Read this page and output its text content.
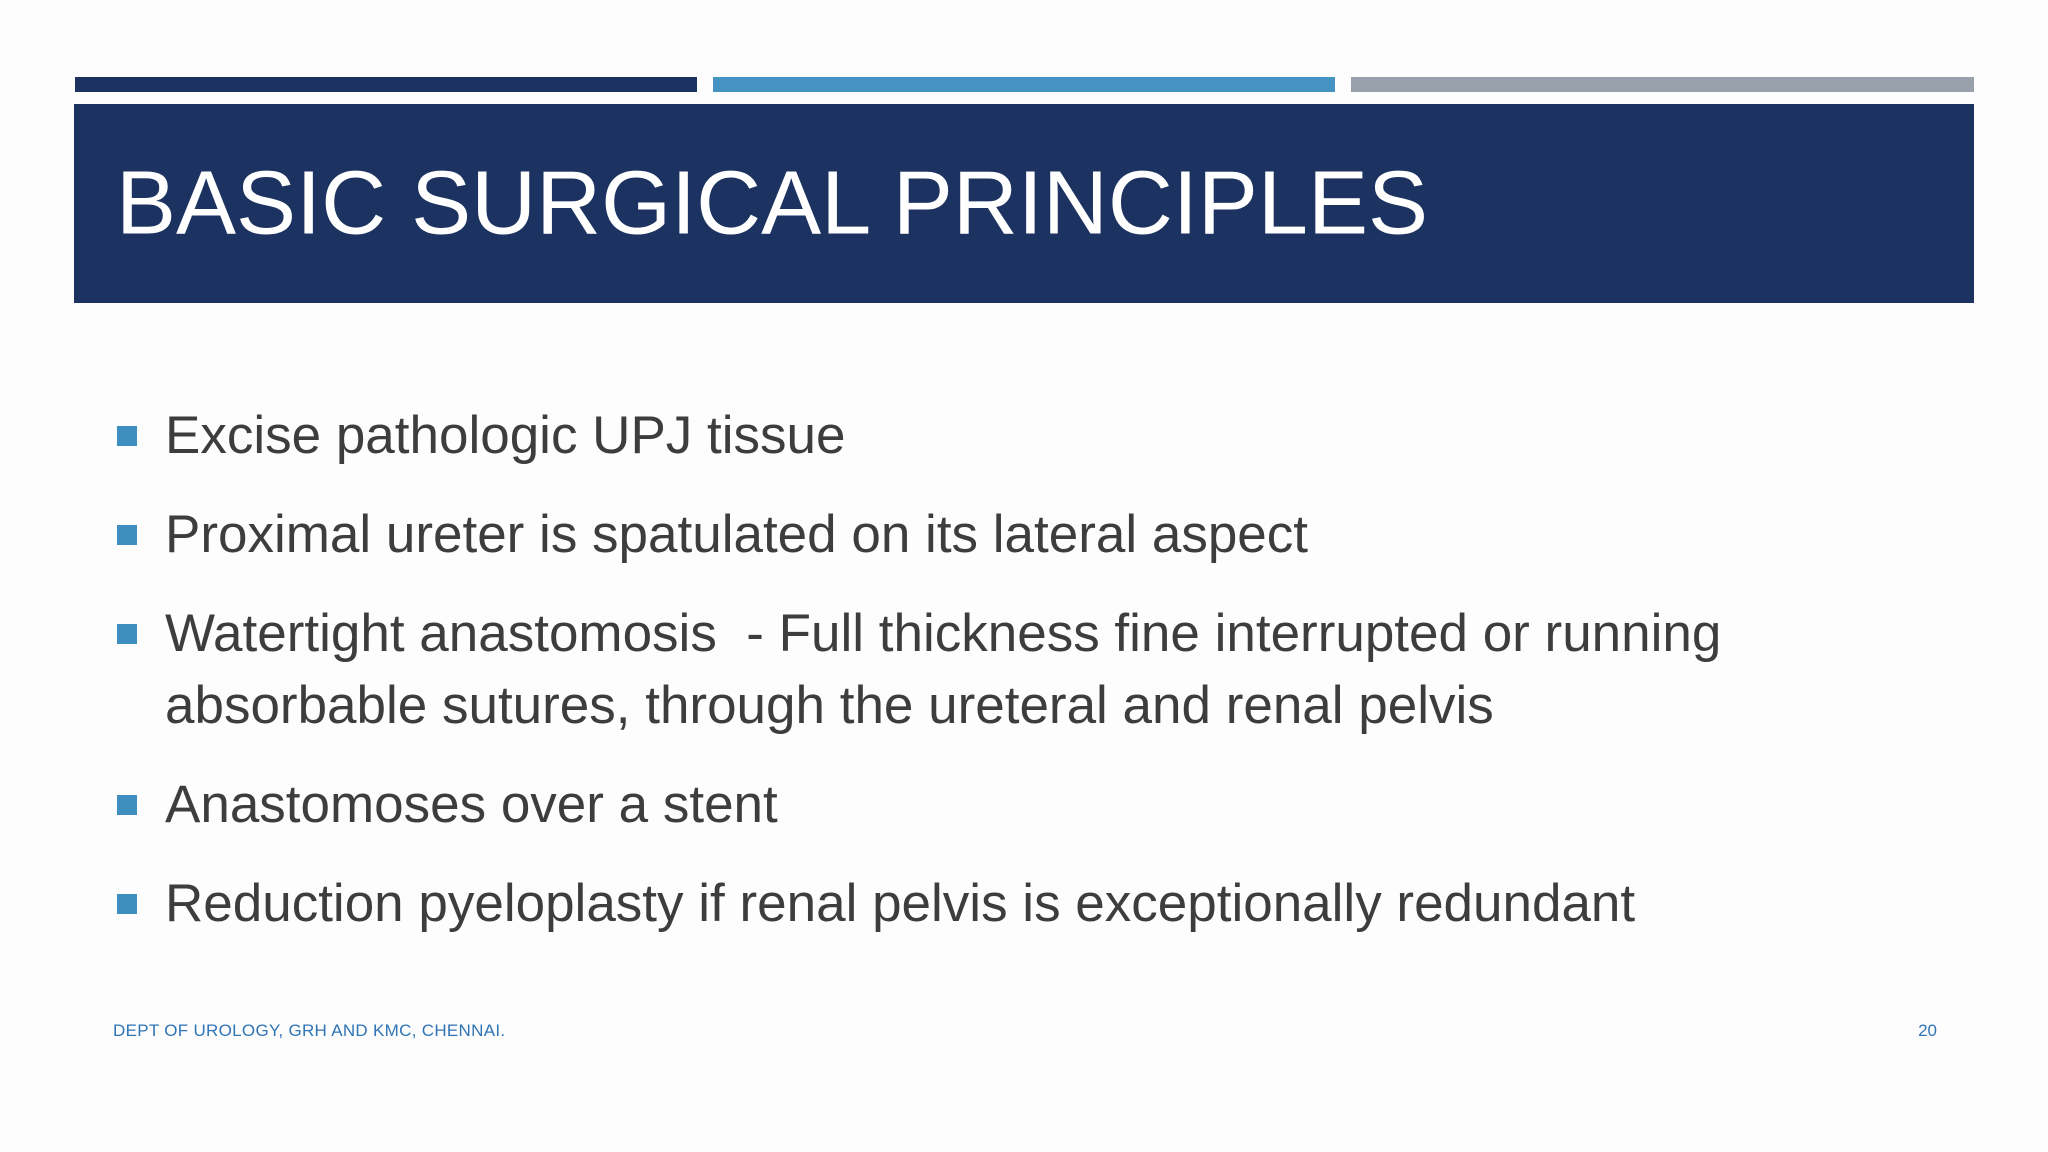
BASIC SURGICAL PRINCIPLES
Excise pathologic UPJ tissue
Proximal ureter is spatulated on its lateral aspect
Watertight anastomosis  - Full thickness fine interrupted or running absorbable sutures, through the ureteral and renal pelvis
Anastomoses over a stent
Reduction pyeloplasty if renal pelvis is exceptionally redundant
DEPT OF UROLOGY, GRH AND KMC, CHENNAI.	20
